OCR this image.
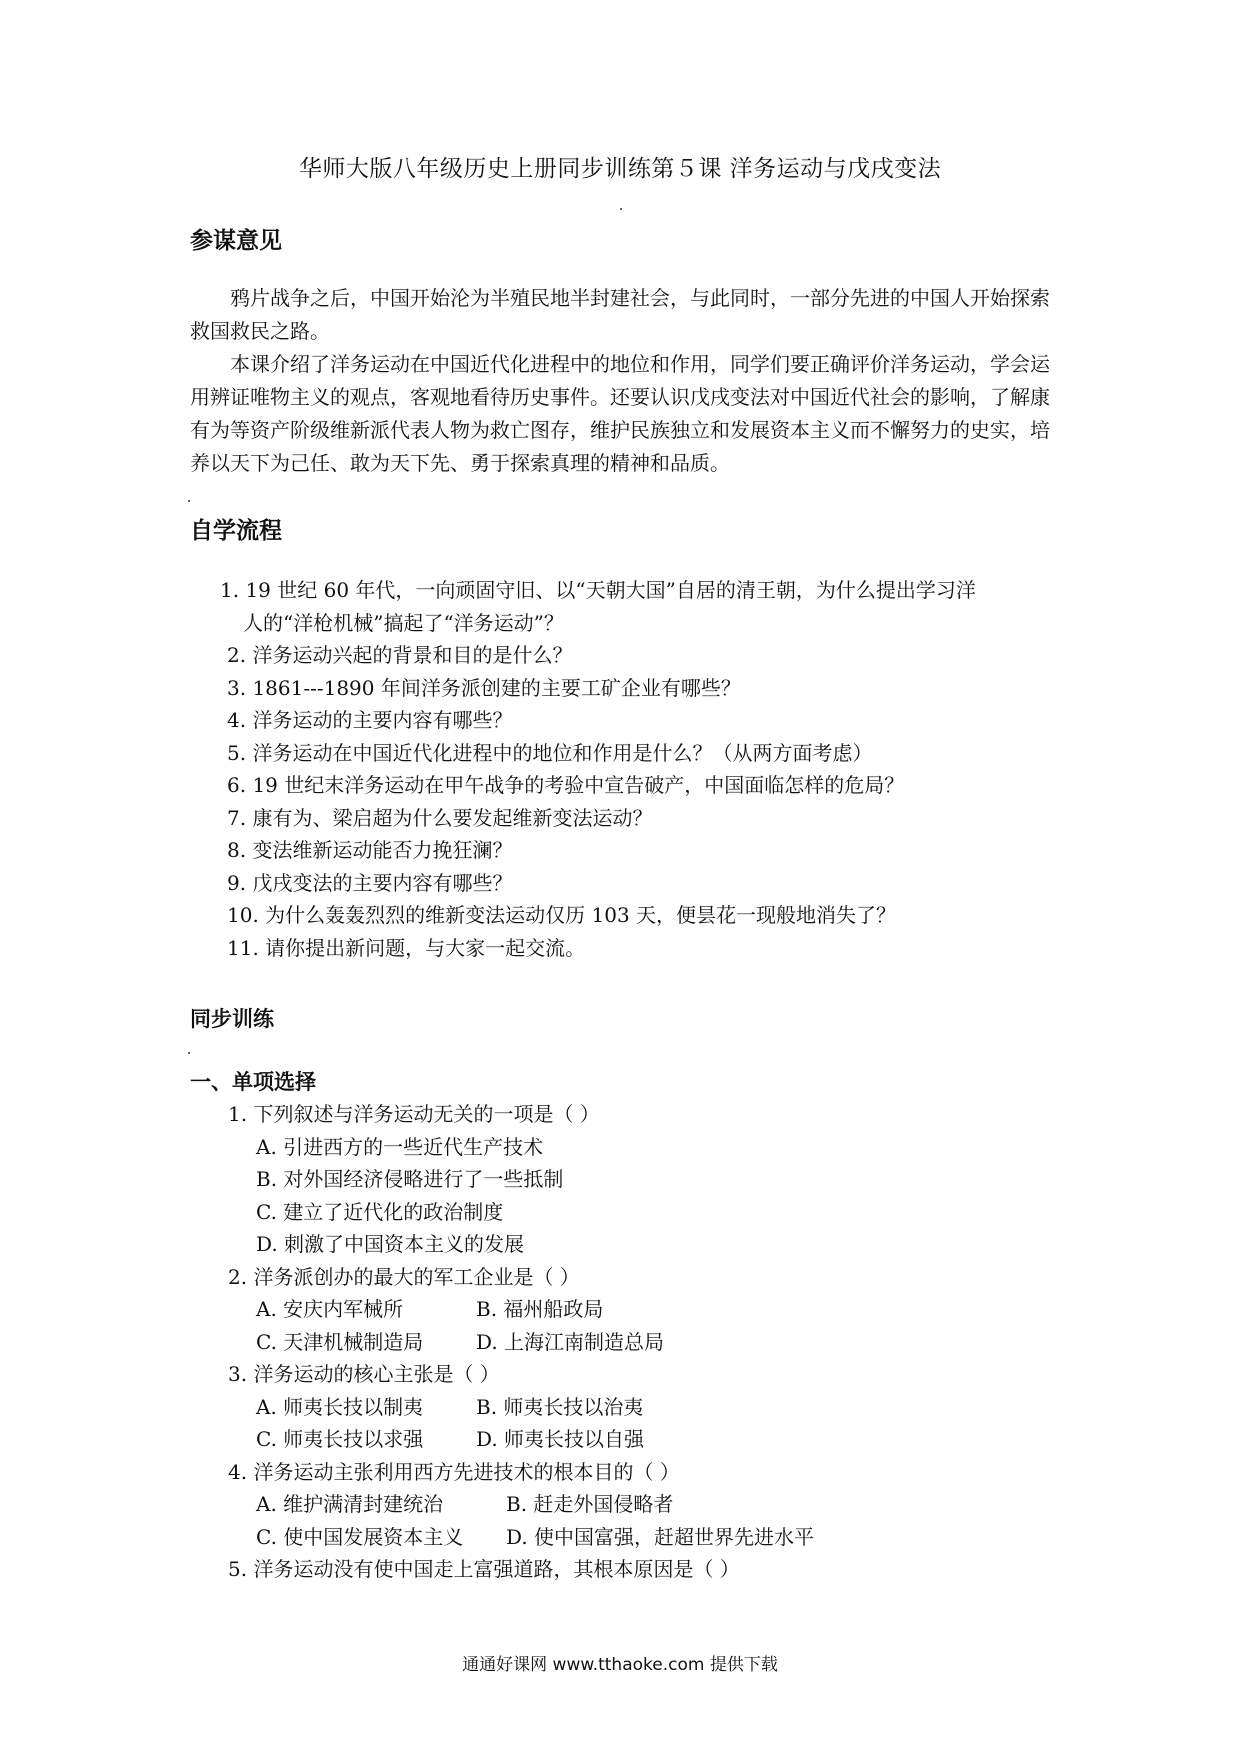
华师大版八年级历史上册同步训练第５课 洋务运动与戊戌变法
参谋意见
鸦片战争之后，中国开始沦为半殖民地半封建社会，与此同时，一部分先进的中国人开始探索救国救民之路。
本课介绍了洋务运动在中国近代化进程中的地位和作用，同学们要正确评价洋务运动，学会运用辨证唯物主义的观点，客观地看待历史事件。还要认识戊戌变法对中国近代社会的影响，了解康有为等资产阶级维新派代表人物为救亡图存，维护民族独立和发展资本主义而不懈努力的史实，培养以天下为己任、敢为天下先、勇于探索真理的精神和品质。
自学流程
1. 19 世纪 60 年代，一向顽固守旧、以“天朝大国”自居的清王朝，为什么提出学习洋
人的“洋枪机械”搞起了“洋务运动”？
2. 洋务运动兴起的背景和目的是什么？
3. 1861---1890 年间洋务派创建的主要工矿企业有哪些？
4. 洋务运动的主要内容有哪些？
5. 洋务运动在中国近代化进程中的地位和作用是什么？（从两方面考虑）
6. 19 世纪末洋务运动在甲午战争的考验中宣告破产，中国面临怎样的危局？
7. 康有为、梁启超为什么要发起维新变法运动？
8. 变法维新运动能否力挽狂澜？
9. 戊戌变法的主要内容有哪些？
10. 为什么轰轰烈烈的维新变法运动仅历 103 天，便昙花一现般地消失了？
11. 请你提出新问题，与大家一起交流。
同步训练
一、单项选择
1. 下列叙述与洋务运动无关的一项是（ ）
A. 引进西方的一些近代生产技术
B. 对外国经济侵略进行了一些抵制
C. 建立了近代化的政治制度
D. 刺激了中国资本主义的发展
2. 洋务派创办的最大的军工企业是（ ）
A. 安庆内军械所	B. 福州船政局
C. 天津机械制造局	D. 上海江南制造总局
3. 洋务运动的核心主张是（ ）
A. 师夷长技以制夷	B. 师夷长技以治夷
C. 师夷长技以求强	D. 师夷长技以自强
4. 洋务运动主张利用西方先进技术的根本目的（ ）
A. 维护满清封建统治	B. 赶走外国侵略者
C. 使中国发展资本主义	D. 使中国富强，赶超世界先进水平
5. 洋务运动没有使中国走上富强道路，其根本原因是（ ）
通通好课网 www.tthaoke.com 提供下载
